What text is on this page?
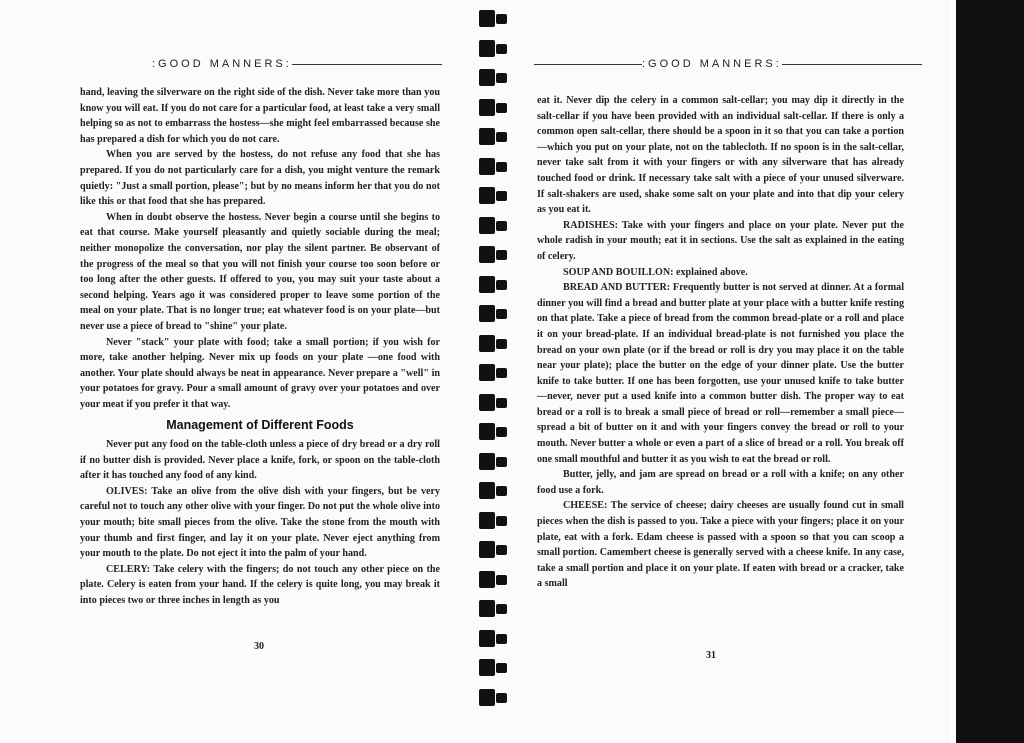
:GOOD MANNERS:

hand, leaving the silverware on the right side of the dish. Never take more than you know you will eat. If you do not care for a particular food, at least take a very small helping so as not to embarrass the hostess—she might feel embarrassed because she has prepared a dish for which you do not care.

When you are served by the hostess, do not refuse any food that she has prepared. If you do not particularly care for a dish, you might venture the remark quietly: "Just a small portion, please"; but by no means inform her that you do not like this or that food that she has prepared.

When in doubt observe the hostess. Never begin a course until she begins to eat that course. Make yourself pleasantly and quietly sociable during the meal; neither monopolize the conversation, nor play the silent partner. Be observant of the progress of the meal so that you will not finish your course too soon before or too long after the other guests. If offered to you, you may suit your taste about a second helping. Years ago it was considered proper to leave some portion of the meal on your plate. That is no longer true; eat whatever food is on your plate—but never use a piece of bread to "shine" your plate.

Never "stack" your plate with food; take a small portion; if you wish for more, take another helping. Never mix up foods on your plate —one food with another. Your plate should always be neat in appearance. Never prepare a "well" in your potatoes for gravy. Pour a small amount of gravy over your potatoes and over your meat if you prefer it that way.

Management of Different Foods

Never put any food on the table-cloth unless a piece of dry bread or a dry roll if no butter dish is provided. Never place a knife, fork, or spoon on the table-cloth after it has touched any food of any kind.

OLIVES: Take an olive from the olive dish with your fingers, but be very careful not to touch any other olive with your finger. Do not put the whole olive into your mouth; bite small pieces from the olive. Take the stone from the mouth with your thumb and first finger, and lay it on your plate. Never eject anything from your mouth to the plate. Do not eject it into the palm of your hand.

CELERY: Take celery with the fingers; do not touch any other piece on the plate. Celery is eaten from your hand. If the celery is quite long, you may break it into pieces two or three inches in length as you

30
:GOOD MANNERS:

eat it. Never dip the celery in a common salt-cellar; you may dip it directly in the salt-cellar if you have been provided with an individual salt-cellar. If there is only a common open salt-cellar, there should be a spoon in it so that you can take a portion—which you put on your plate, not on the tablecloth. If no spoon is in the salt-cellar, never take salt from it with your fingers or with any silverware that has already touched food or drink. If necessary take salt with a piece of your unused silverware. If salt-shakers are used, shake some salt on your plate and into that dip your celery as you eat it.

RADISHES: Take with your fingers and place on your plate. Never put the whole radish in your mouth; eat it in sections. Use the salt as explained in the eating of celery.

SOUP AND BOUILLON: explained above.

BREAD AND BUTTER: Frequently butter is not served at dinner. At a formal dinner you will find a bread and butter plate at your place with a butter knife resting on that plate. Take a piece of bread from the common bread-plate or a roll and place it on your bread-plate. If an individual bread-plate is not furnished you place the bread on your own plate (or if the bread or roll is dry you may place it on the table near your plate); place the butter on the edge of your dinner plate. Use the butter knife to take butter. If one has been forgotten, use your unused knife to take butter —never, never put a used knife into a common butter dish. The proper way to eat bread or a roll is to break a small piece of bread or roll—remember a small piece—spread a bit of butter on it and with your fingers convey the bread or roll to your mouth. Never butter a whole or even a part of a slice of bread or a roll. You break off one small mouthful and butter it as you wish to eat the bread or roll.

Butter, jelly, and jam are spread on bread or a roll with a knife; on any other food use a fork.

CHEESE: The service of cheese; dairy cheeses are usually found cut in small pieces when the dish is passed to you. Take a piece with your fingers; place it on your plate, eat with a fork. Edam cheese is passed with a spoon so that you can scoop a small portion. Camembert cheese is generally served with a cheese knife. In any case, take a small portion and place it on your plate. If eaten with bread or a cracker, take a small

31
